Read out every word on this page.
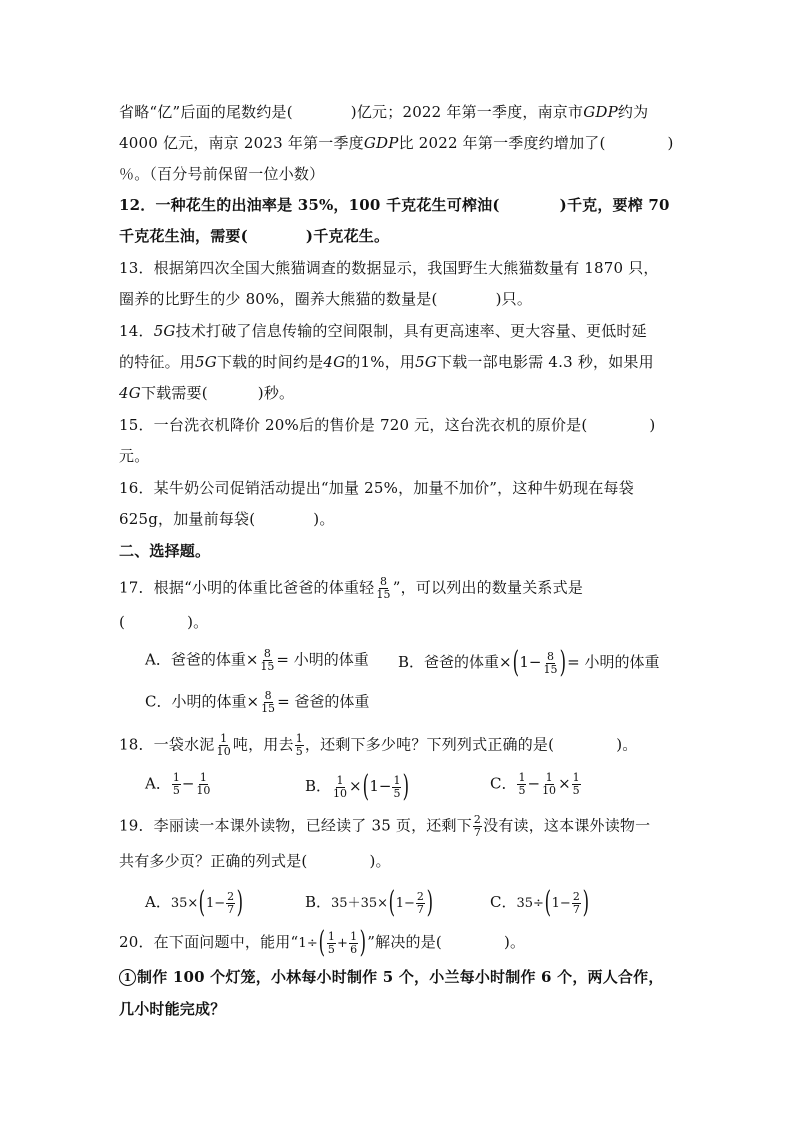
省略“亿”后面的尾数约是(	)亿元；2022 年第一季度，南京市GDP约为
4000 亿元，南京 2023 年第一季度GDP比 2022 年第一季度约增加了(	)
％。（百分号前保留一位小数）
12．一种花生的出油率是 35%，100 千克花生可榨油(	)千克，要榨 70
千克花生油，需要(	)千克花生。
13．根据第四次全国大熊猫调查的数据显示，我国野生大熊猫数量有 1870 只，
圈养的比野生的少 80%，圈养大熊猫的数量是(	)只。
14．5G技术打破了信息传输的空间限制，具有更高速率、更大容量、更低时延
的特征。用5G下载的时间约是4G的1%，用5G下载一部电影需 4.3 秒，如果用
4G下载需要(	)秒。
15．一台洗衣机降价 20%后的售价是 720 元，这台洗衣机的原价是(	)
元。
16．某牛奶公司促销活动提出“加量 25%，加量不加价”，这种牛奶现在每袋
625g，加量前每袋(	)。
二、选择题。
17．根据“小明的体重比爸爸的体重轻 $\frac{8}{15}$ ”，可以列出的数量关系式是
(	)。
A．爸爸的体重× $\frac{8}{15}$ = 小明的体重 B．爸爸的体重$\times(1- \frac{8}{15}$ )= 小明的体重
C．小明的体重× $\frac{8}{15}$ = 爸爸的体重
18．一袋水泥 $\frac{1}{10}$ 吨，用去 $\frac{1}{5}$ ，还剩下多少吨？下列列式正确的是(	)。
A． $\frac{1}{5} - \frac{1}{10}$	B． $\frac{1}{10} \times(1- \frac{1}{5}$ )	C． $\frac{1}{5} - \frac{1}{10} \times \frac{1}{5}$
19．李丽读一本课外读物，已经读了 35 页，还剩下 $\frac{2}{7}$ 没有读，这本课外读物一
共有多少页？正确的列式是(	)。
A．$35\times(1- \frac{2}{7}$ )	B．$35+35\times(1- \frac{2}{7}$ )	C．$35\div(1- \frac{2}{7}$ )
20．在下面问题中，能用“$1\div( \frac{1}{5} + \frac{1}{6}$ )”解决的是(	)。
1 制作 100 个灯笼，小林每小时制作 5 个，小兰每小时制作 6 个，两人合作，
几小时能完成？
